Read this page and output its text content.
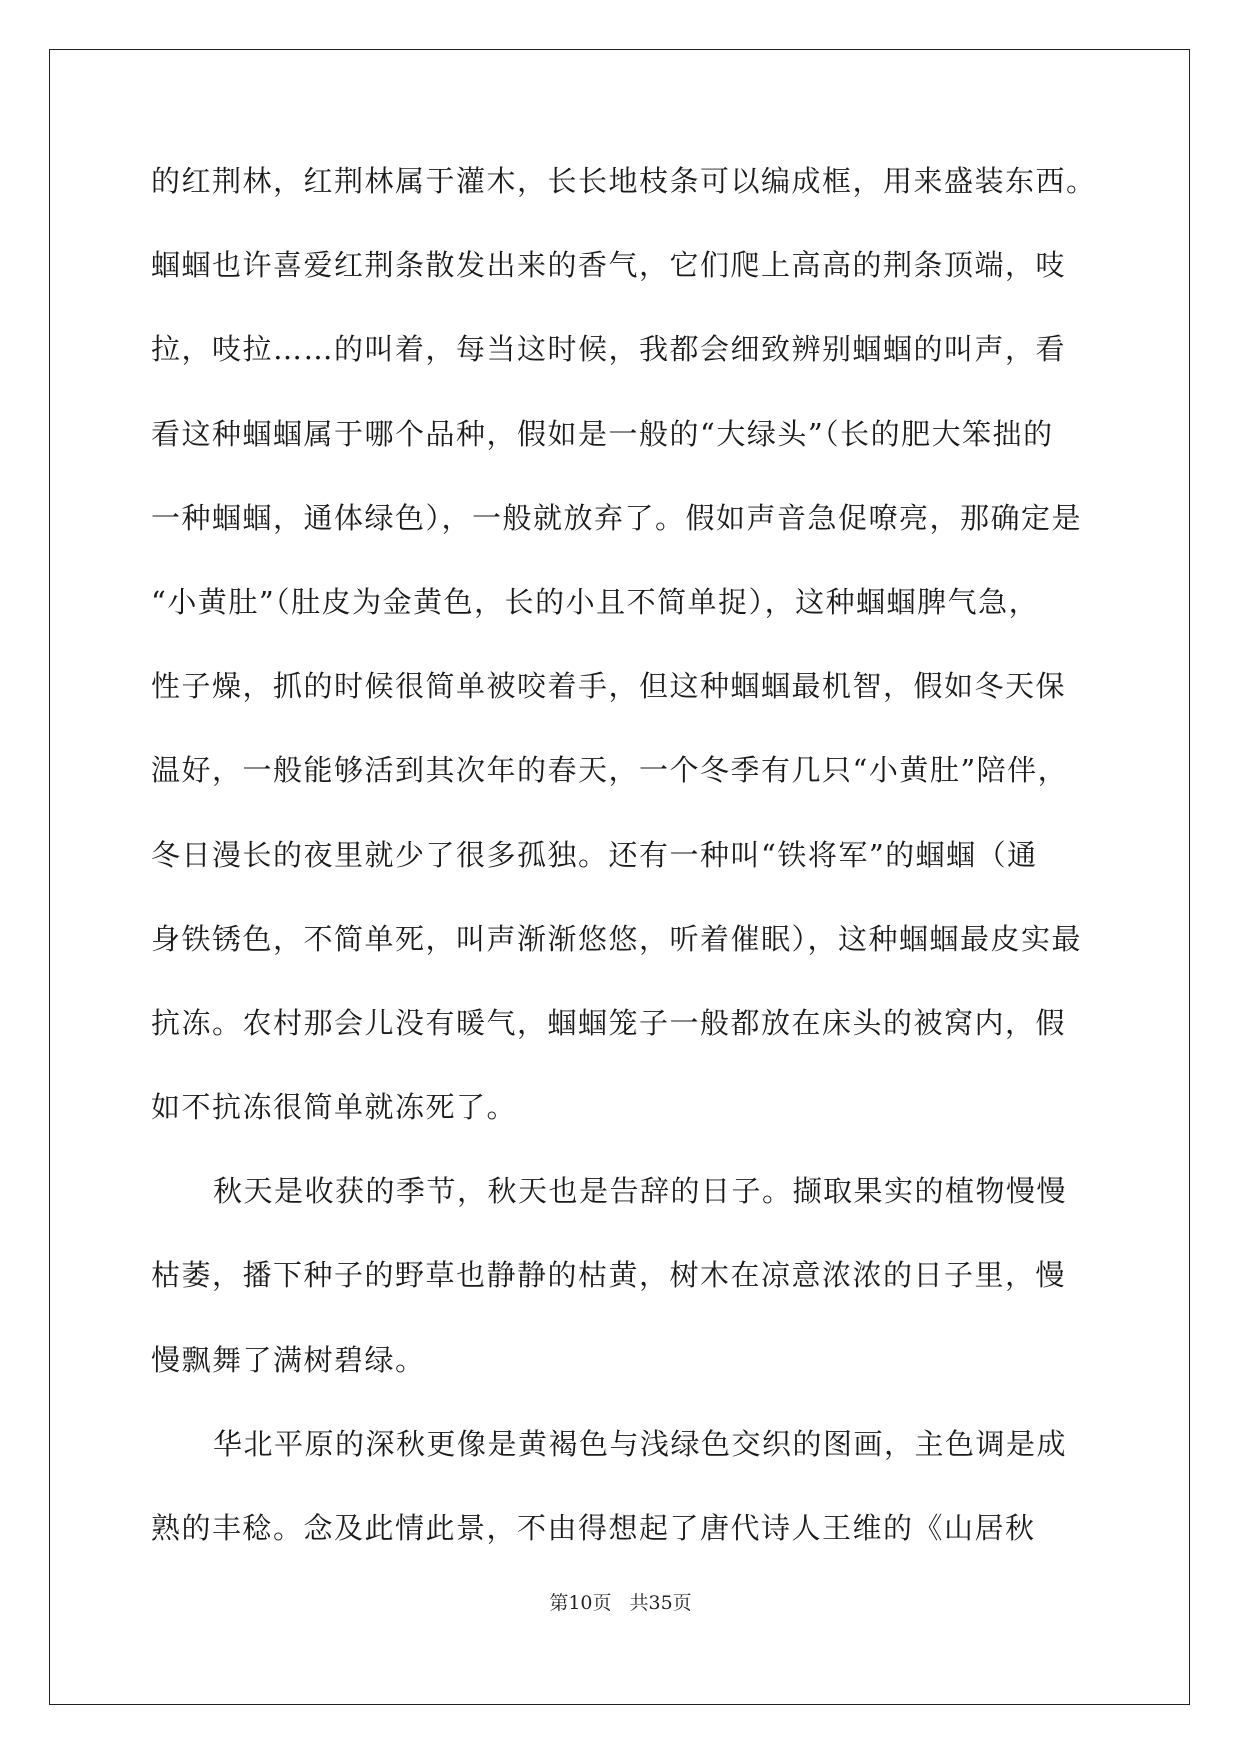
的红荆林，红荆林属于灌木，长长地枝条可以编成框，用来盛装东西。
蝈蝈也许喜爱红荆条散发出来的香气，它们爬上高高的荆条顶端，吱
拉，吱拉……的叫着，每当这时候，我都会细致辨别蝈蝈的叫声，看
看这种蝈蝈属于哪个品种，假如是一般的“大绿头”（长的肥大笨拙的
一种蝈蝈，通体绿色），一般就放弃了。假如声音急促嘹亮，那确定是
“小黄肚”（肚皮为金黄色，长的小且不简单捉），这种蝈蝈脾气急，
性子燥，抓的时候很简单被咬着手，但这种蝈蝈最机智，假如冬天保
温好，一般能够活到其次年的春天，一个冬季有几只“小黄肚”陪伴，
冬日漫长的夜里就少了很多孤独。还有一种叫“铁将军”的蝈蝈（通
身铁锈色，不简单死，叫声渐渐悠悠，听着催眠），这种蝈蝈最皮实最
抗冻。农村那会儿没有暖气，蝈蝈笼子一般都放在床头的被窝内，假
如不抗冻很简单就冻死了。
秋天是收获的季节，秋天也是告辞的日子。撷取果实的植物慢慢
枯萎，播下种子的野草也静静的枯黄，树木在凉意浓浓的日子里，慢
慢飘舞了满树碧绿。
华北平原的深秋更像是黄褐色与浅绿色交织的图画，主色调是成
熟的丰稔。念及此情此景，不由得想起了唐代诗人王维的《山居秋
第10页 共35页
